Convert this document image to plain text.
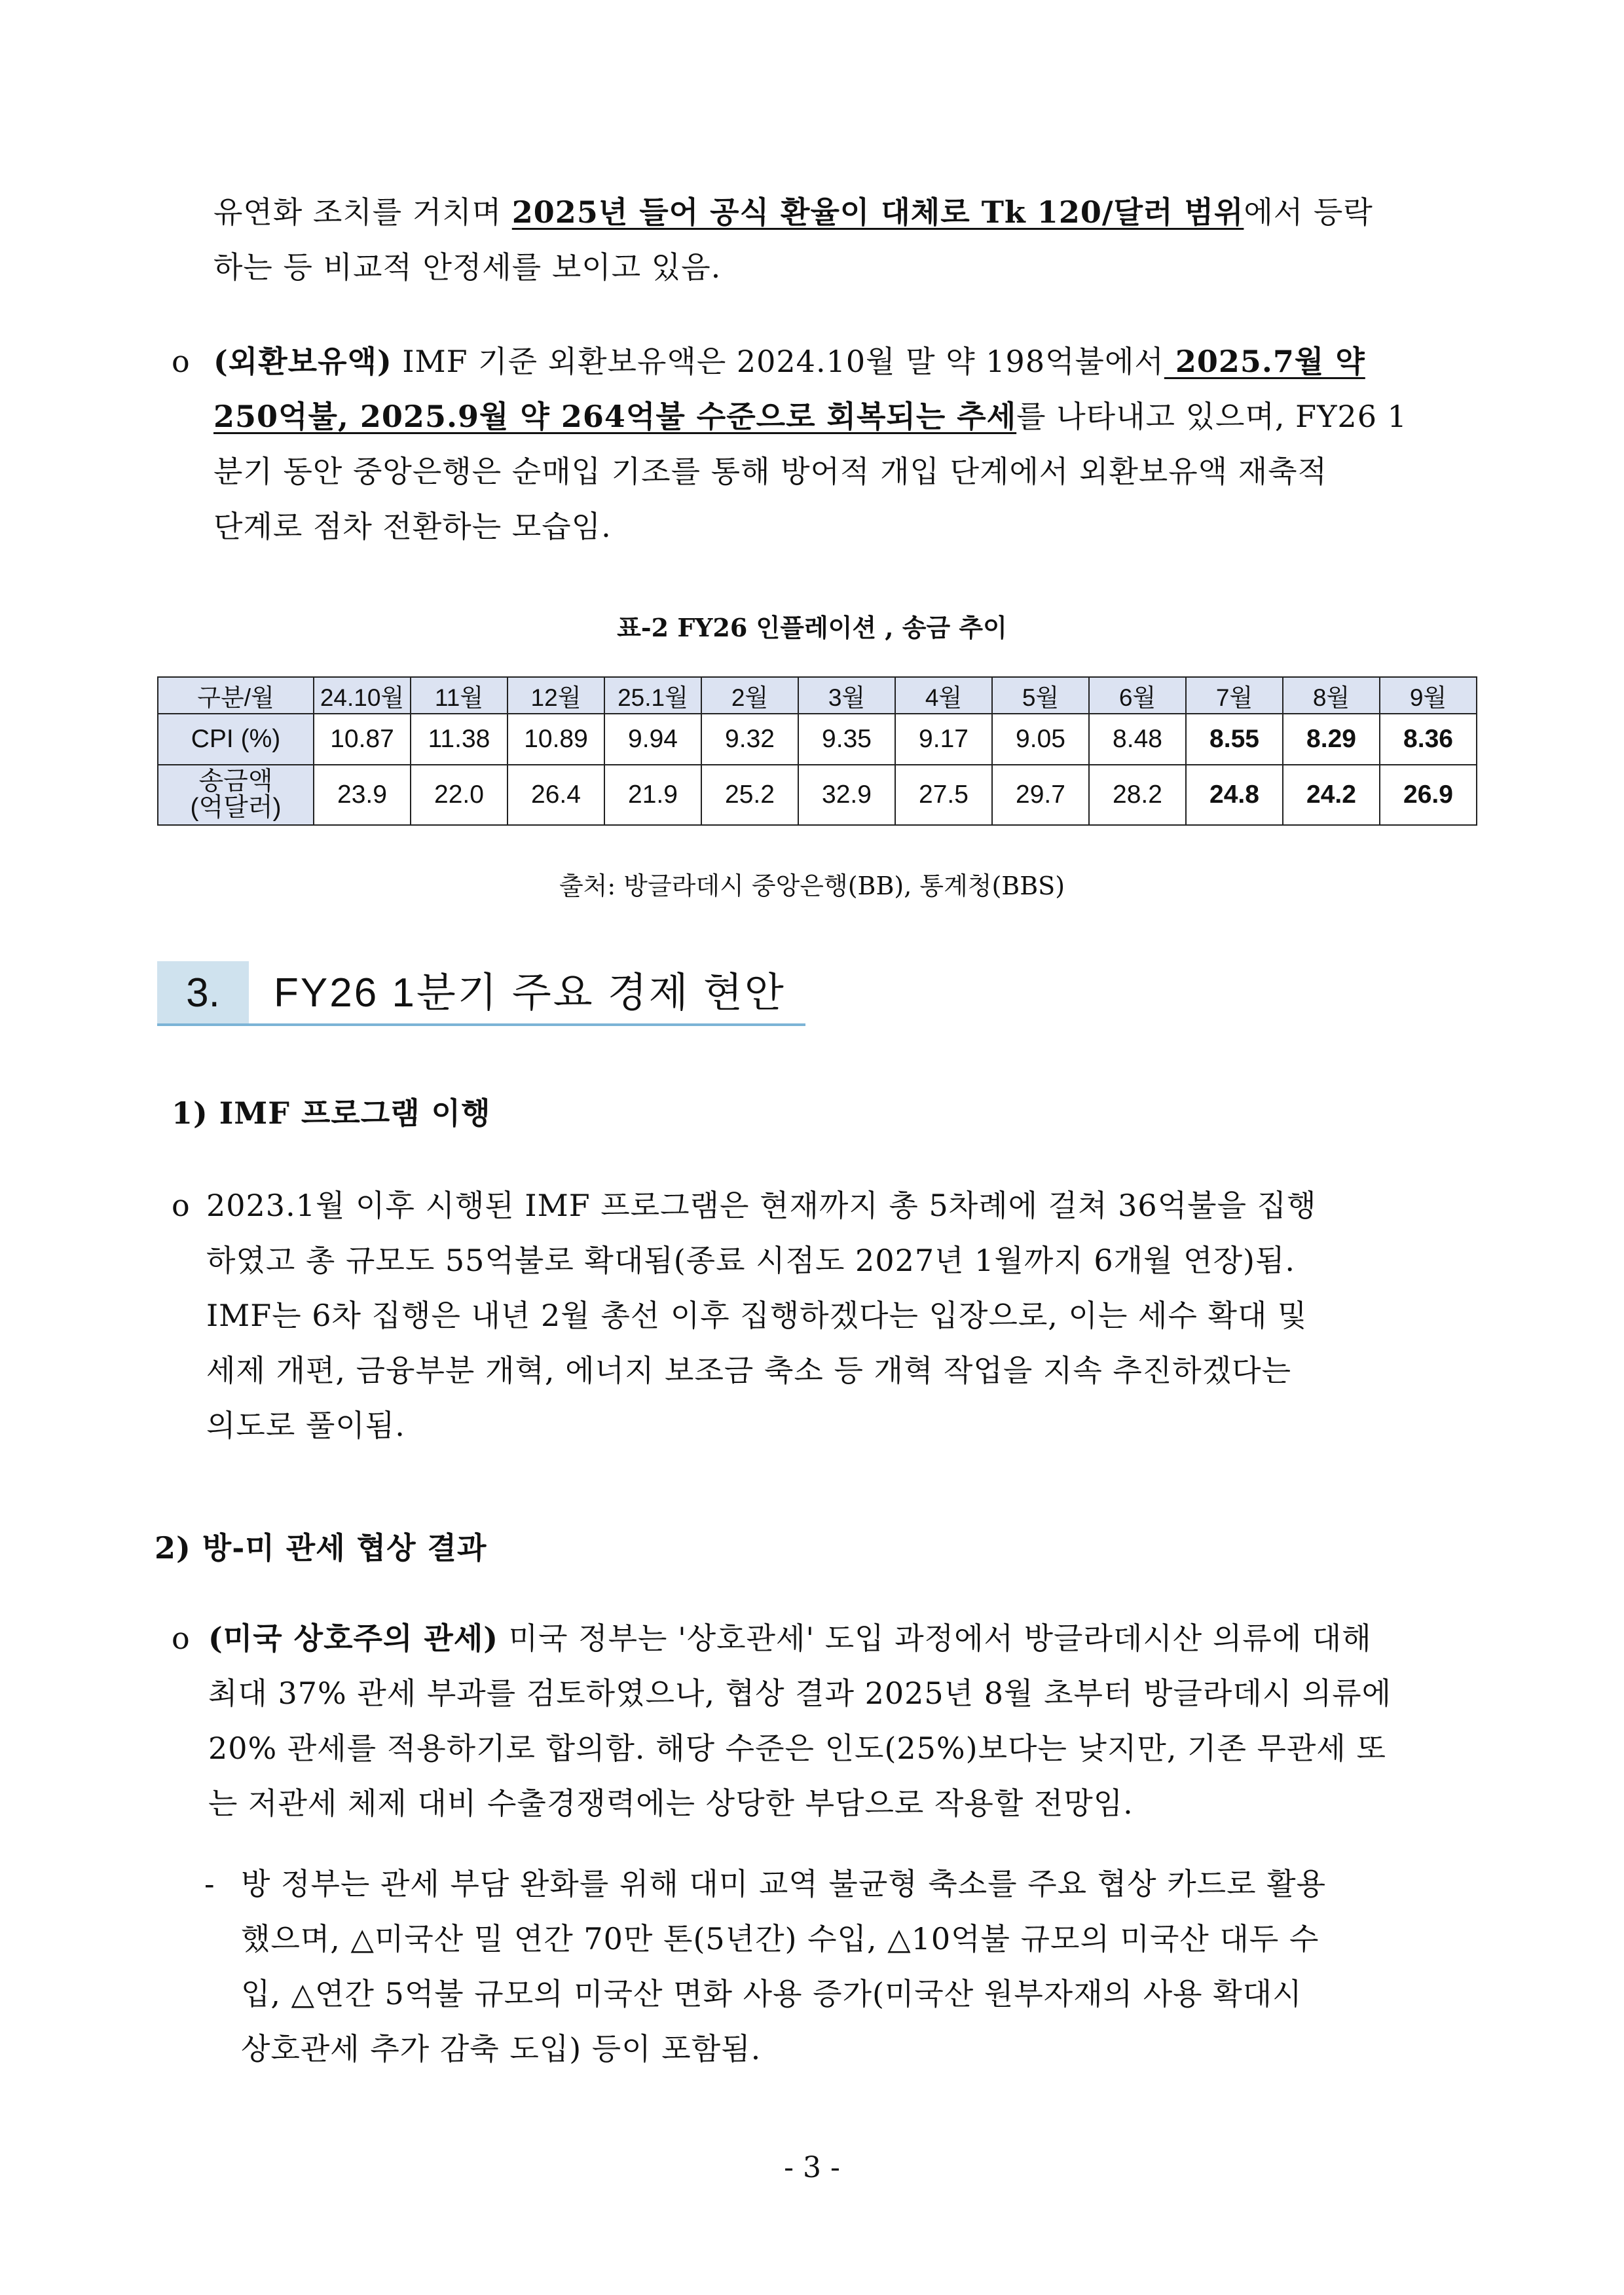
유연화 조치를 거치며 2025년 들어 공식 환율이 대체로 Tk 120/달러 범위에서 등락

하는 등 비교적 안정세를 보이고 있음.

o (외환보유액) IMF 기준 외환보유액은 2024.10월 말 약 198억불에서 2025.7월 약

250억불, 2025.9월 약 264억불 수준으로 회복되는 추세를 나타내고 있으며, FY26 1

분기 동안 중앙은행은 순매입 기조를 통해 방어적 개입 단계에서 외환보유액 재축적

단계로 점차 전환하는 모습임.

표-2 FY26 인플레이션 , 송금 추이
구분/월	24.10월	11월	12월	25.1월	2월	3월	4월	5월	6월	7월	8월	9월
CPI (%)	10.87	11.38	10.89	9.94	9.32	9.35	9.17	9.05	8.48	8.55	8.29	8.36

송금액
(억달러)	23.9	22.0	26.4	21.9	25.2	32.9	27.5	29.7	28.2	24.8	24.2	26.9
출처: 방글라데시 중앙은행(BB), 통계청(BBS)
3.	FY26 1분기 주요 경제 현안
1) IMF 프로그램 이행
o 2023.1월 이후 시행된 IMF 프로그램은 현재까지 총 5차례에 걸쳐 36억불을 집행

하였고 총 규모도 55억불로 확대됨(종료 시점도 2027년 1월까지 6개월 연장)됨.

IMF는 6차 집행은 내년 2월 총선 이후 집행하겠다는 입장으로, 이는 세수 확대 및

세제 개편, 금융부분 개혁, 에너지 보조금 축소 등 개혁 작업을 지속 추진하겠다는

의도로 풀이됨.

2) 방-미 관세 협상 결과
o (미국 상호주의 관세) 미국 정부는 '상호관세' 도입 과정에서 방글라데시산 의류에 대해

최대 37% 관세 부과를 검토하였으나, 협상 결과 2025년 8월 초부터 방글라데시 의류에

20% 관세를 적용하기로 합의함. 해당 수준은 인도(25%)보다는 낮지만, 기존 무관세 또

는 저관세 체제 대비 수출경쟁력에는 상당한 부담으로 작용할 전망임.

- 방 정부는 관세 부담 완화를 위해 대미 교역 불균형 축소를 주요 협상 카드로 활용

했으며, △미국산 밀 연간 70만 톤(5년간) 수입, △10억불 규모의 미국산 대두 수

입, △연간 5억불 규모의 미국산 면화 사용 증가(미국산 원부자재의 사용 확대시

상호관세 추가 감축 도입) 등이 포함됨.

- 3 -
